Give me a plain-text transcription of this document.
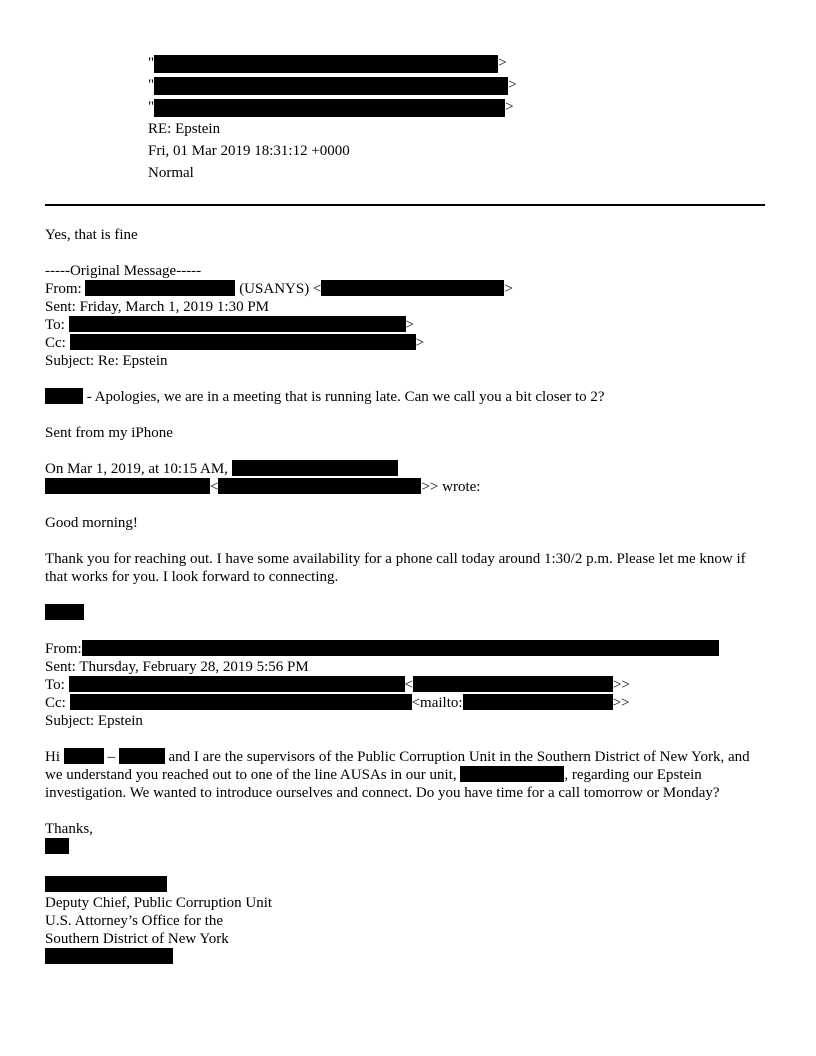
"	>
"	>
"	>
RE: Epstein
Fri, 01 Mar 2019 18:31:12 +0000
Normal
Yes, that is fine
-----Original Message-----
From:	(USANYS) <	>
Sent: Friday, March 1, 2019 1:30 PM
To:	>
Cc:	>
Subject: Re: Epstein
- Apologies, we are in a meeting that is running late. Can we call you a bit closer to 2?
Sent from my iPhone
On Mar 1, 2019, at 10:15 AM,
<	>> wrote:
Good morning!
Thank you for reaching out. I have some availability for a phone call today around 1:30/2 p.m. Please let me know if that works for you. I look forward to connecting.
From:
Sent: Thursday, February 28, 2019 5:56 PM
To:	<	>>
Cc:	<mailto:	>>
Subject: Epstein
Hi	–	and I are the supervisors of the Public Corruption Unit in the Southern District of New York, and we understand you reached out to one of the line AUSAs in our unit,	, regarding our Epstein investigation. We wanted to introduce ourselves and connect. Do you have time for a call tomorrow or Monday?
Thanks,
Deputy Chief, Public Corruption Unit
U.S. Attorney’s Office for the
Southern District of New York
